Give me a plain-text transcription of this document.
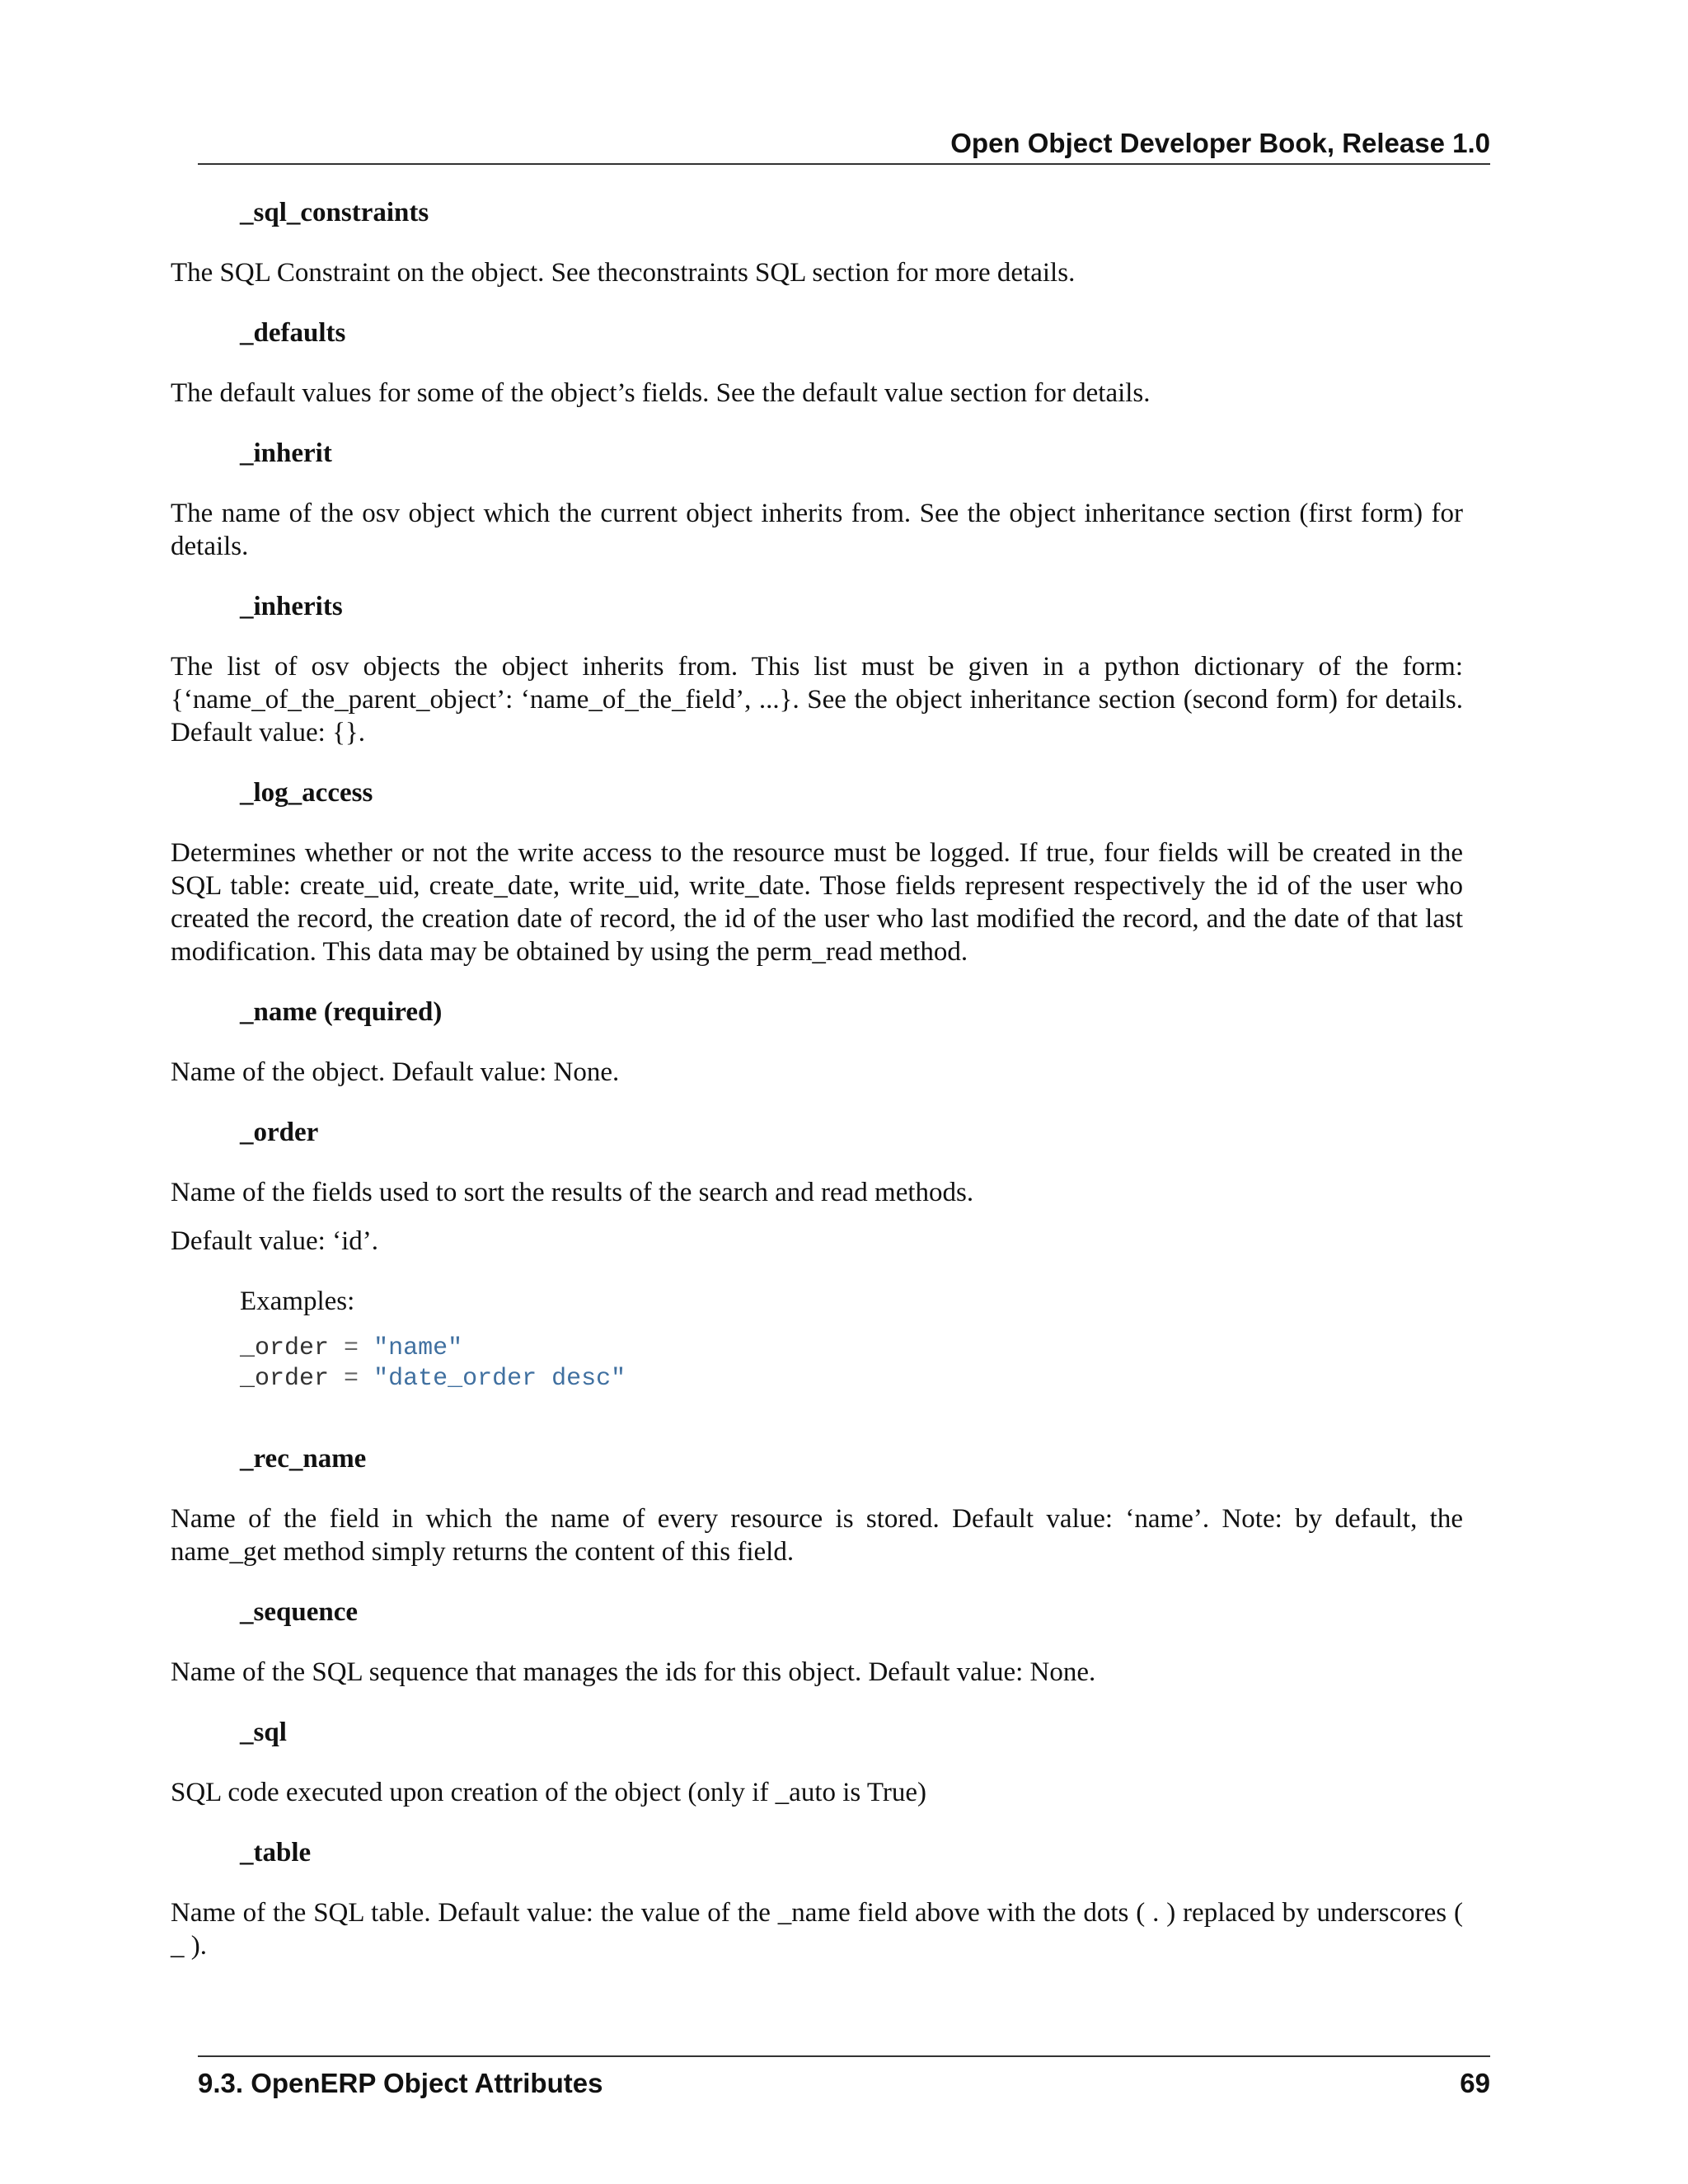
Open Object Developer Book, Release 1.0
_sql_constraints

The SQL Constraint on the object. See theconstraints SQL section for more details.

_defaults

The default values for some of the object’s fields. See the default value section for details.

_inherit

The name of the osv object which the current object inherits from. See the object inheritance section (first form) for details.

_inherits

The list of osv objects the object inherits from. This list must be given in a python dictionary of the form: {‘name_of_the_parent_object’: ‘name_of_the_field’, ...}. See the object inheritance section (second form) for details. Default value: {}.

_log_access

Determines whether or not the write access to the resource must be logged. If true, four fields will be created in the SQL table: create_uid, create_date, write_uid, write_date. Those fields represent respectively the id of the user who created the record, the creation date of record, the id of the user who last modified the record, and the date of that last modification. This data may be obtained by using the perm_read method.

_name (required)

Name of the object. Default value: None.

_order

Name of the fields used to sort the results of the search and read methods.

Default value: ‘id’.

Examples:
_order = "name"
_order = "date_order desc"
_rec_name

Name of the field in which the name of every resource is stored. Default value: ‘name’. Note: by default, the name_get method simply returns the content of this field.

_sequence

Name of the SQL sequence that manages the ids for this object. Default value: None.

_sql

SQL code executed upon creation of the object (only if _auto is True)

_table

Name of the SQL table. Default value: the value of the _name field above with the dots ( . ) replaced by underscores ( _ ).

9.3. OpenERP Object Attributes	69
